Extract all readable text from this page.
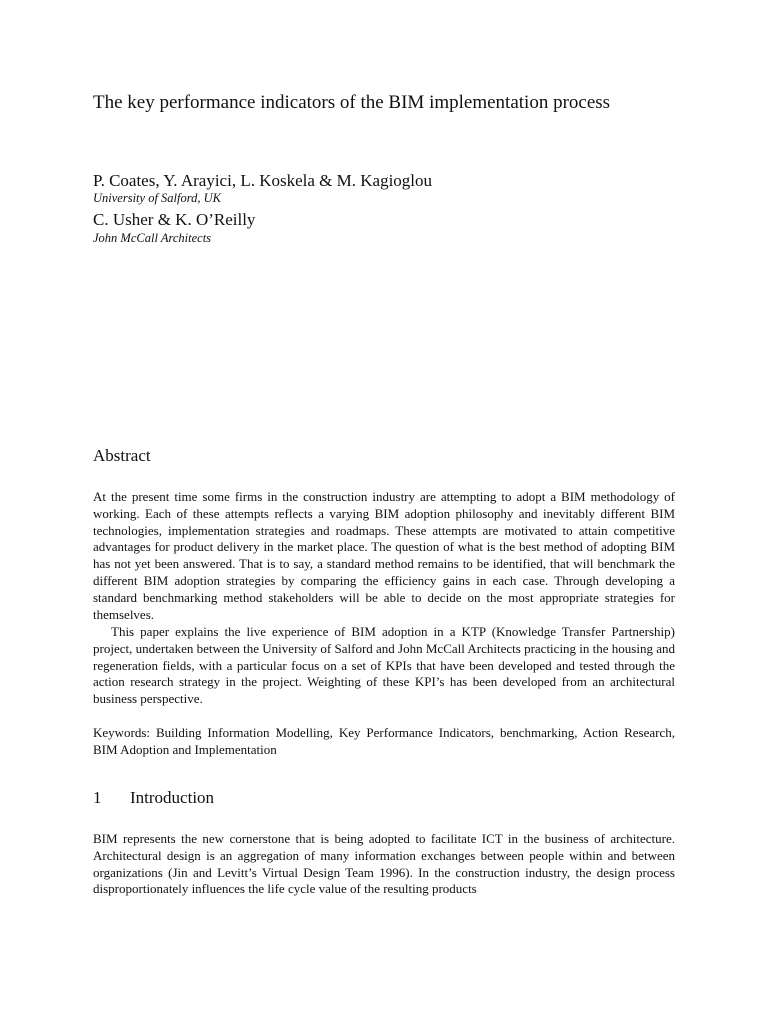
The key performance indicators of the BIM implementation process
P. Coates, Y. Arayici, L. Koskela & M. Kagioglou
University of Salford, UK
C. Usher & K. O’Reilly
John McCall Architects
Abstract

At the present time some firms in the construction industry are attempting to adopt a BIM methodology of working. Each of these attempts reflects a varying BIM adoption philosophy and inevitably different BIM technologies, implementation strategies and roadmaps. These attempts are motivated to attain competitive advantages for product delivery in the market place. The question of what is the best method of adopting BIM has not yet been answered. That is to say, a standard method remains to be identified, that will benchmark the different BIM adoption strategies by comparing the efficiency gains in each case. Through developing a standard benchmarking method stakeholders will be able to decide on the most appropriate strategies for themselves.

This paper explains the live experience of BIM adoption in a KTP (Knowledge Transfer Partnership) project, undertaken between the University of Salford and John McCall Architects practicing in the housing and regeneration fields, with a particular focus on a set of KPIs that have been developed and tested through the action research strategy in the project. Weighting of these KPI’s has been developed from an architectural business perspective.

Keywords: Building Information Modelling, Key Performance Indicators, benchmarking, Action Research, BIM Adoption and Implementation

1 Introduction

BIM represents the new cornerstone that is being adopted to facilitate ICT in the business of architecture. Architectural design is an aggregation of many information exchanges between people within and between organizations (Jin and Levitt’s Virtual Design Team 1996). In the construction industry, the design process disproportionately influences the life cycle value of the resulting products
